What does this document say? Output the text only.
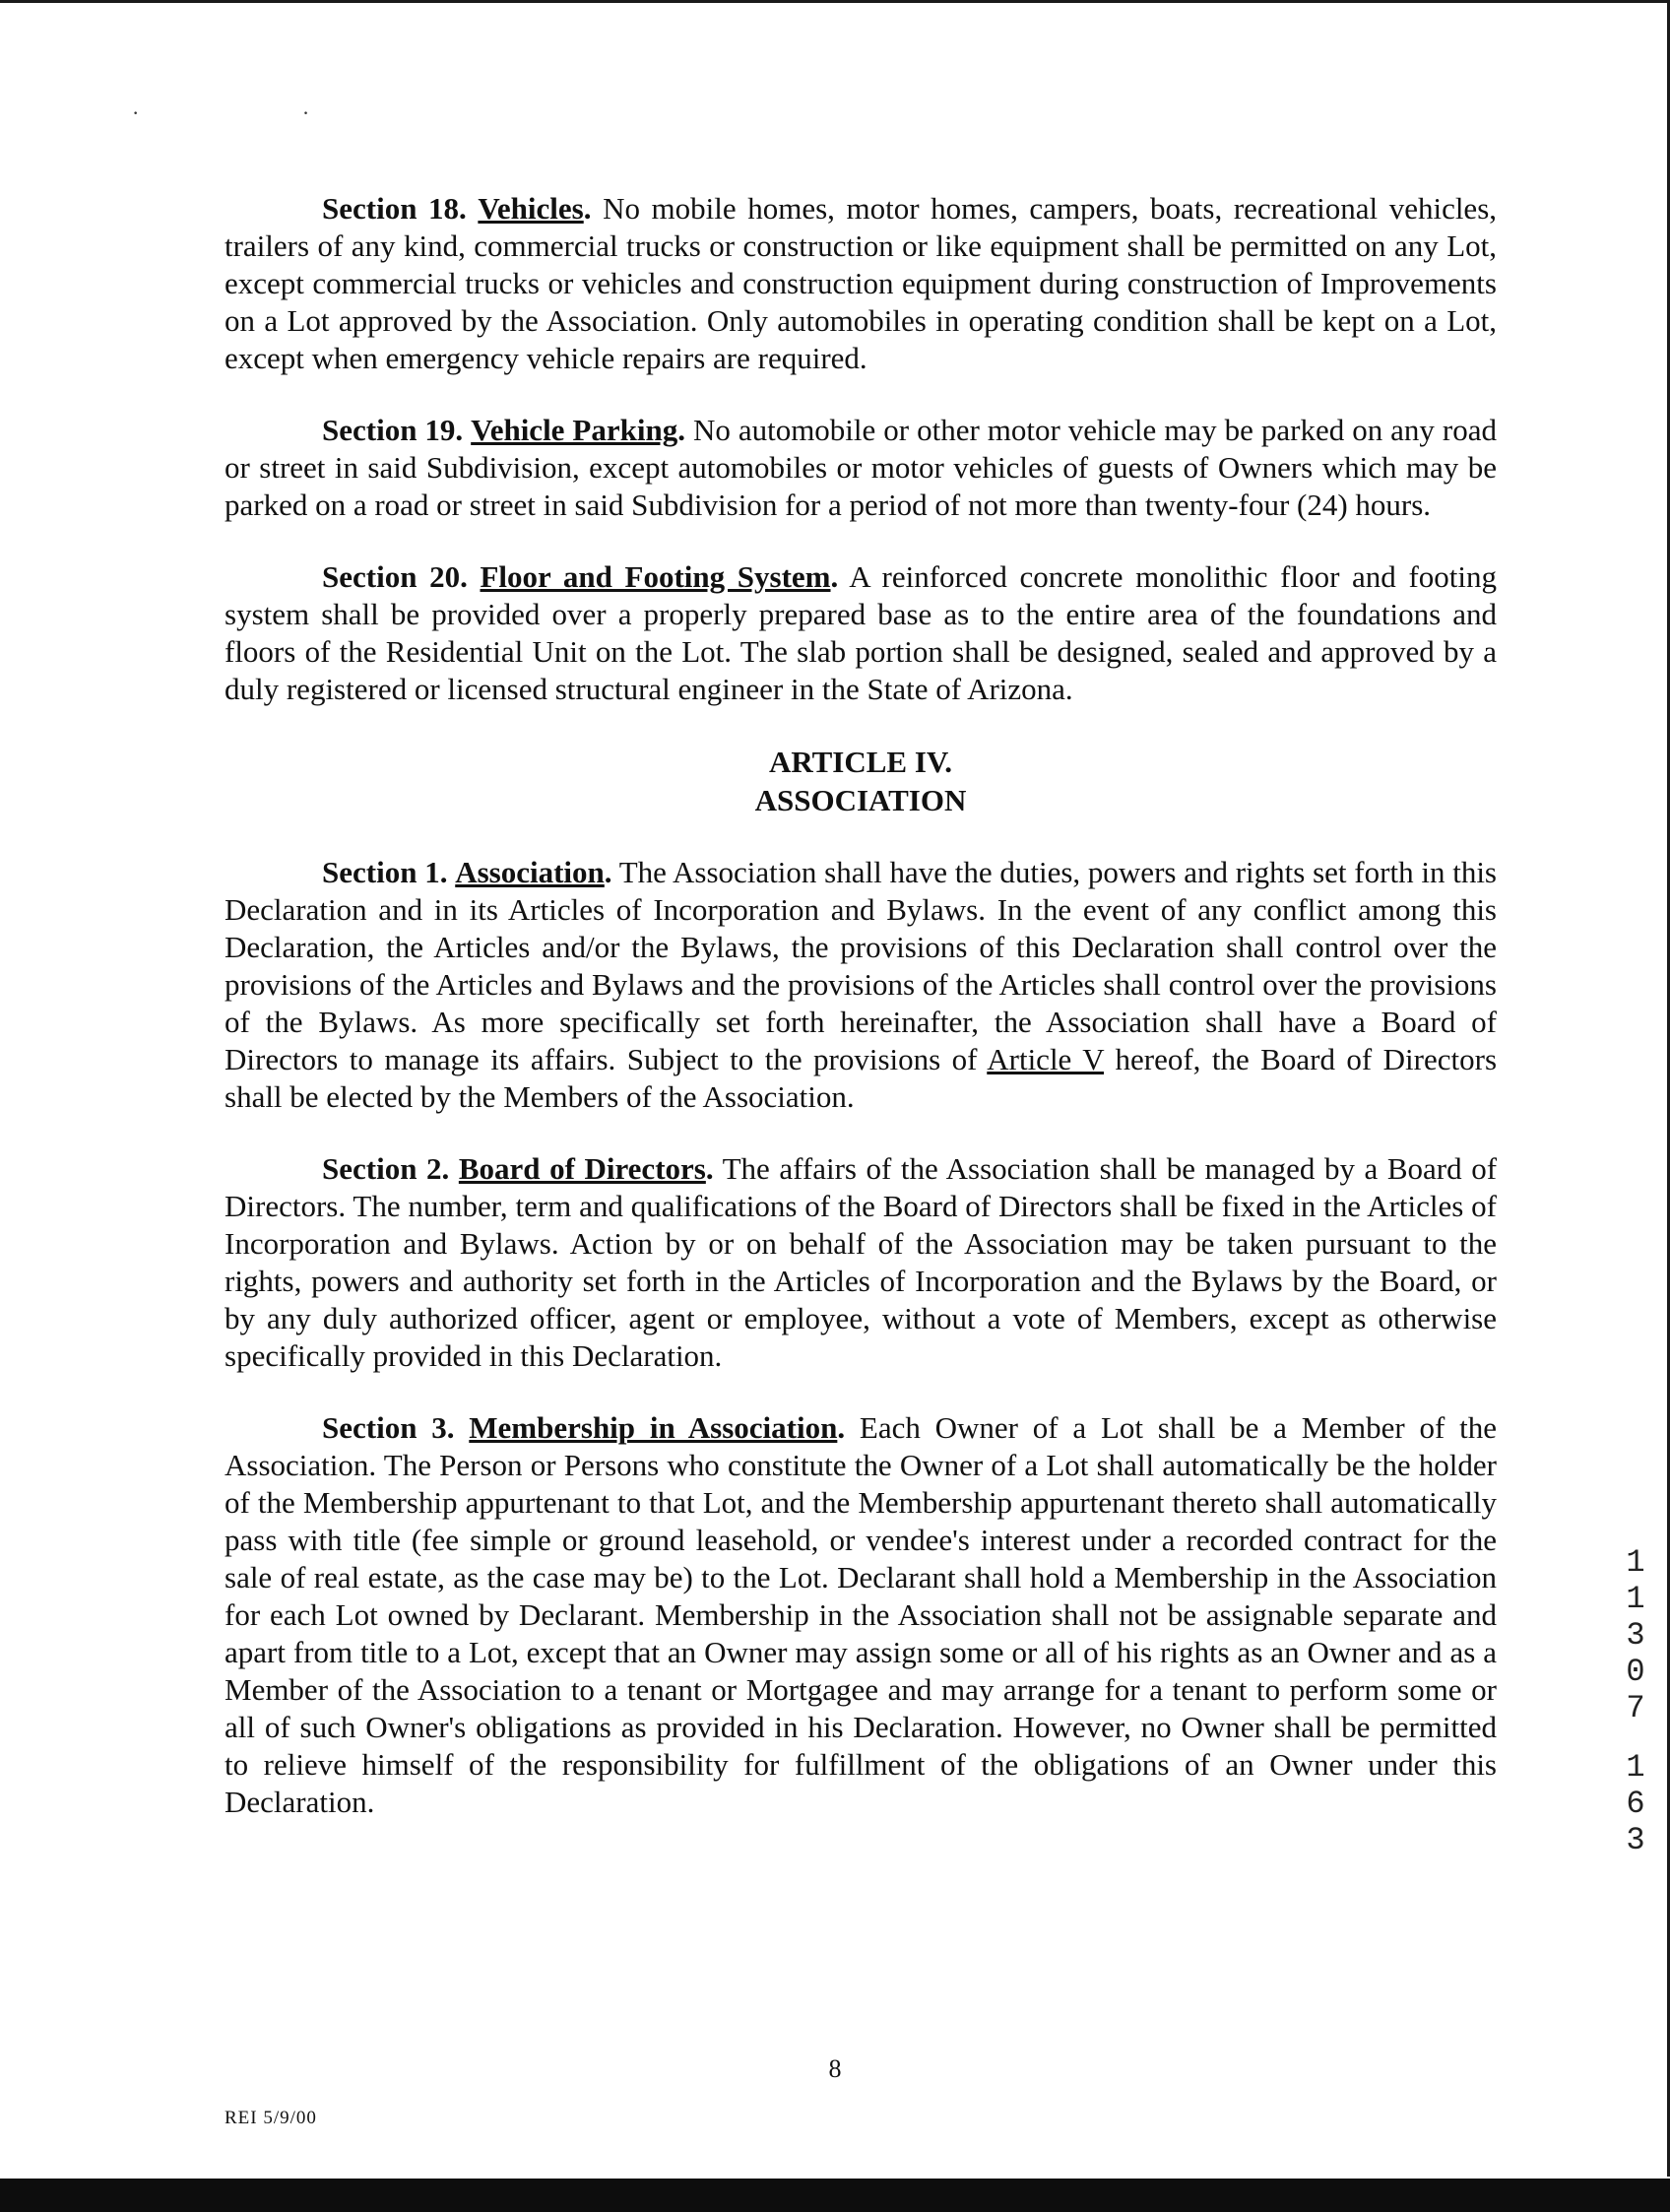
· ·

Section 18. Vehicles. No mobile homes, motor homes, campers, boats, recreational vehicles, trailers of any kind, commercial trucks or construction or like equipment shall be permitted on any Lot, except commercial trucks or vehicles and construction equipment during construction of Improvements on a Lot approved by the Association. Only automobiles in operating condition shall be kept on a Lot, except when emergency vehicle repairs are required.

Section 19. Vehicle Parking. No automobile or other motor vehicle may be parked on any road or street in said Subdivision, except automobiles or motor vehicles of guests of Owners which may be parked on a road or street in said Subdivision for a period of not more than twenty-four (24) hours.

Section 20. Floor and Footing System. A reinforced concrete monolithic floor and footing system shall be provided over a properly prepared base as to the entire area of the foundations and floors of the Residential Unit on the Lot. The slab portion shall be designed, sealed and approved by a duly registered or licensed structural engineer in the State of Arizona.

ARTICLE IV.
ASSOCIATION

Section 1. Association. The Association shall have the duties, powers and rights set forth in this Declaration and in its Articles of Incorporation and Bylaws. In the event of any conflict among this Declaration, the Articles and/or the Bylaws, the provisions of this Declaration shall control over the provisions of the Articles and Bylaws and the provisions of the Articles shall control over the provisions of the Bylaws. As more specifically set forth hereinafter, the Association shall have a Board of Directors to manage its affairs. Subject to the provisions of Article V hereof, the Board of Directors shall be elected by the Members of the Association.

Section 2. Board of Directors. The affairs of the Association shall be managed by a Board of Directors. The number, term and qualifications of the Board of Directors shall be fixed in the Articles of Incorporation and Bylaws. Action by or on behalf of the Association may be taken pursuant to the rights, powers and authority set forth in the Articles of Incorporation and the Bylaws by the Board, or by any duly authorized officer, agent or employee, without a vote of Members, except as otherwise specifically provided in this Declaration.

Section 3. Membership in Association. Each Owner of a Lot shall be a Member of the Association. The Person or Persons who constitute the Owner of a Lot shall automatically be the holder of the Membership appurtenant to that Lot, and the Membership appurtenant thereto shall automatically pass with title (fee simple or ground leasehold, or vendee's interest under a recorded contract for the sale of real estate, as the case may be) to the Lot. Declarant shall hold a Membership in the Association for each Lot owned by Declarant. Membership in the Association shall not be assignable separate and apart from title to a Lot, except that an Owner may assign some or all of his rights as an Owner and as a Member of the Association to a tenant or Mortgagee and may arrange for a tenant to perform some or all of such Owner's obligations as provided in his Declaration. However, no Owner shall be permitted to relieve himself of the responsibility for fulfillment of the obligations of an Owner under this Declaration.

8
REI 5/9/00
1
1
3
0
7
1
6
3
